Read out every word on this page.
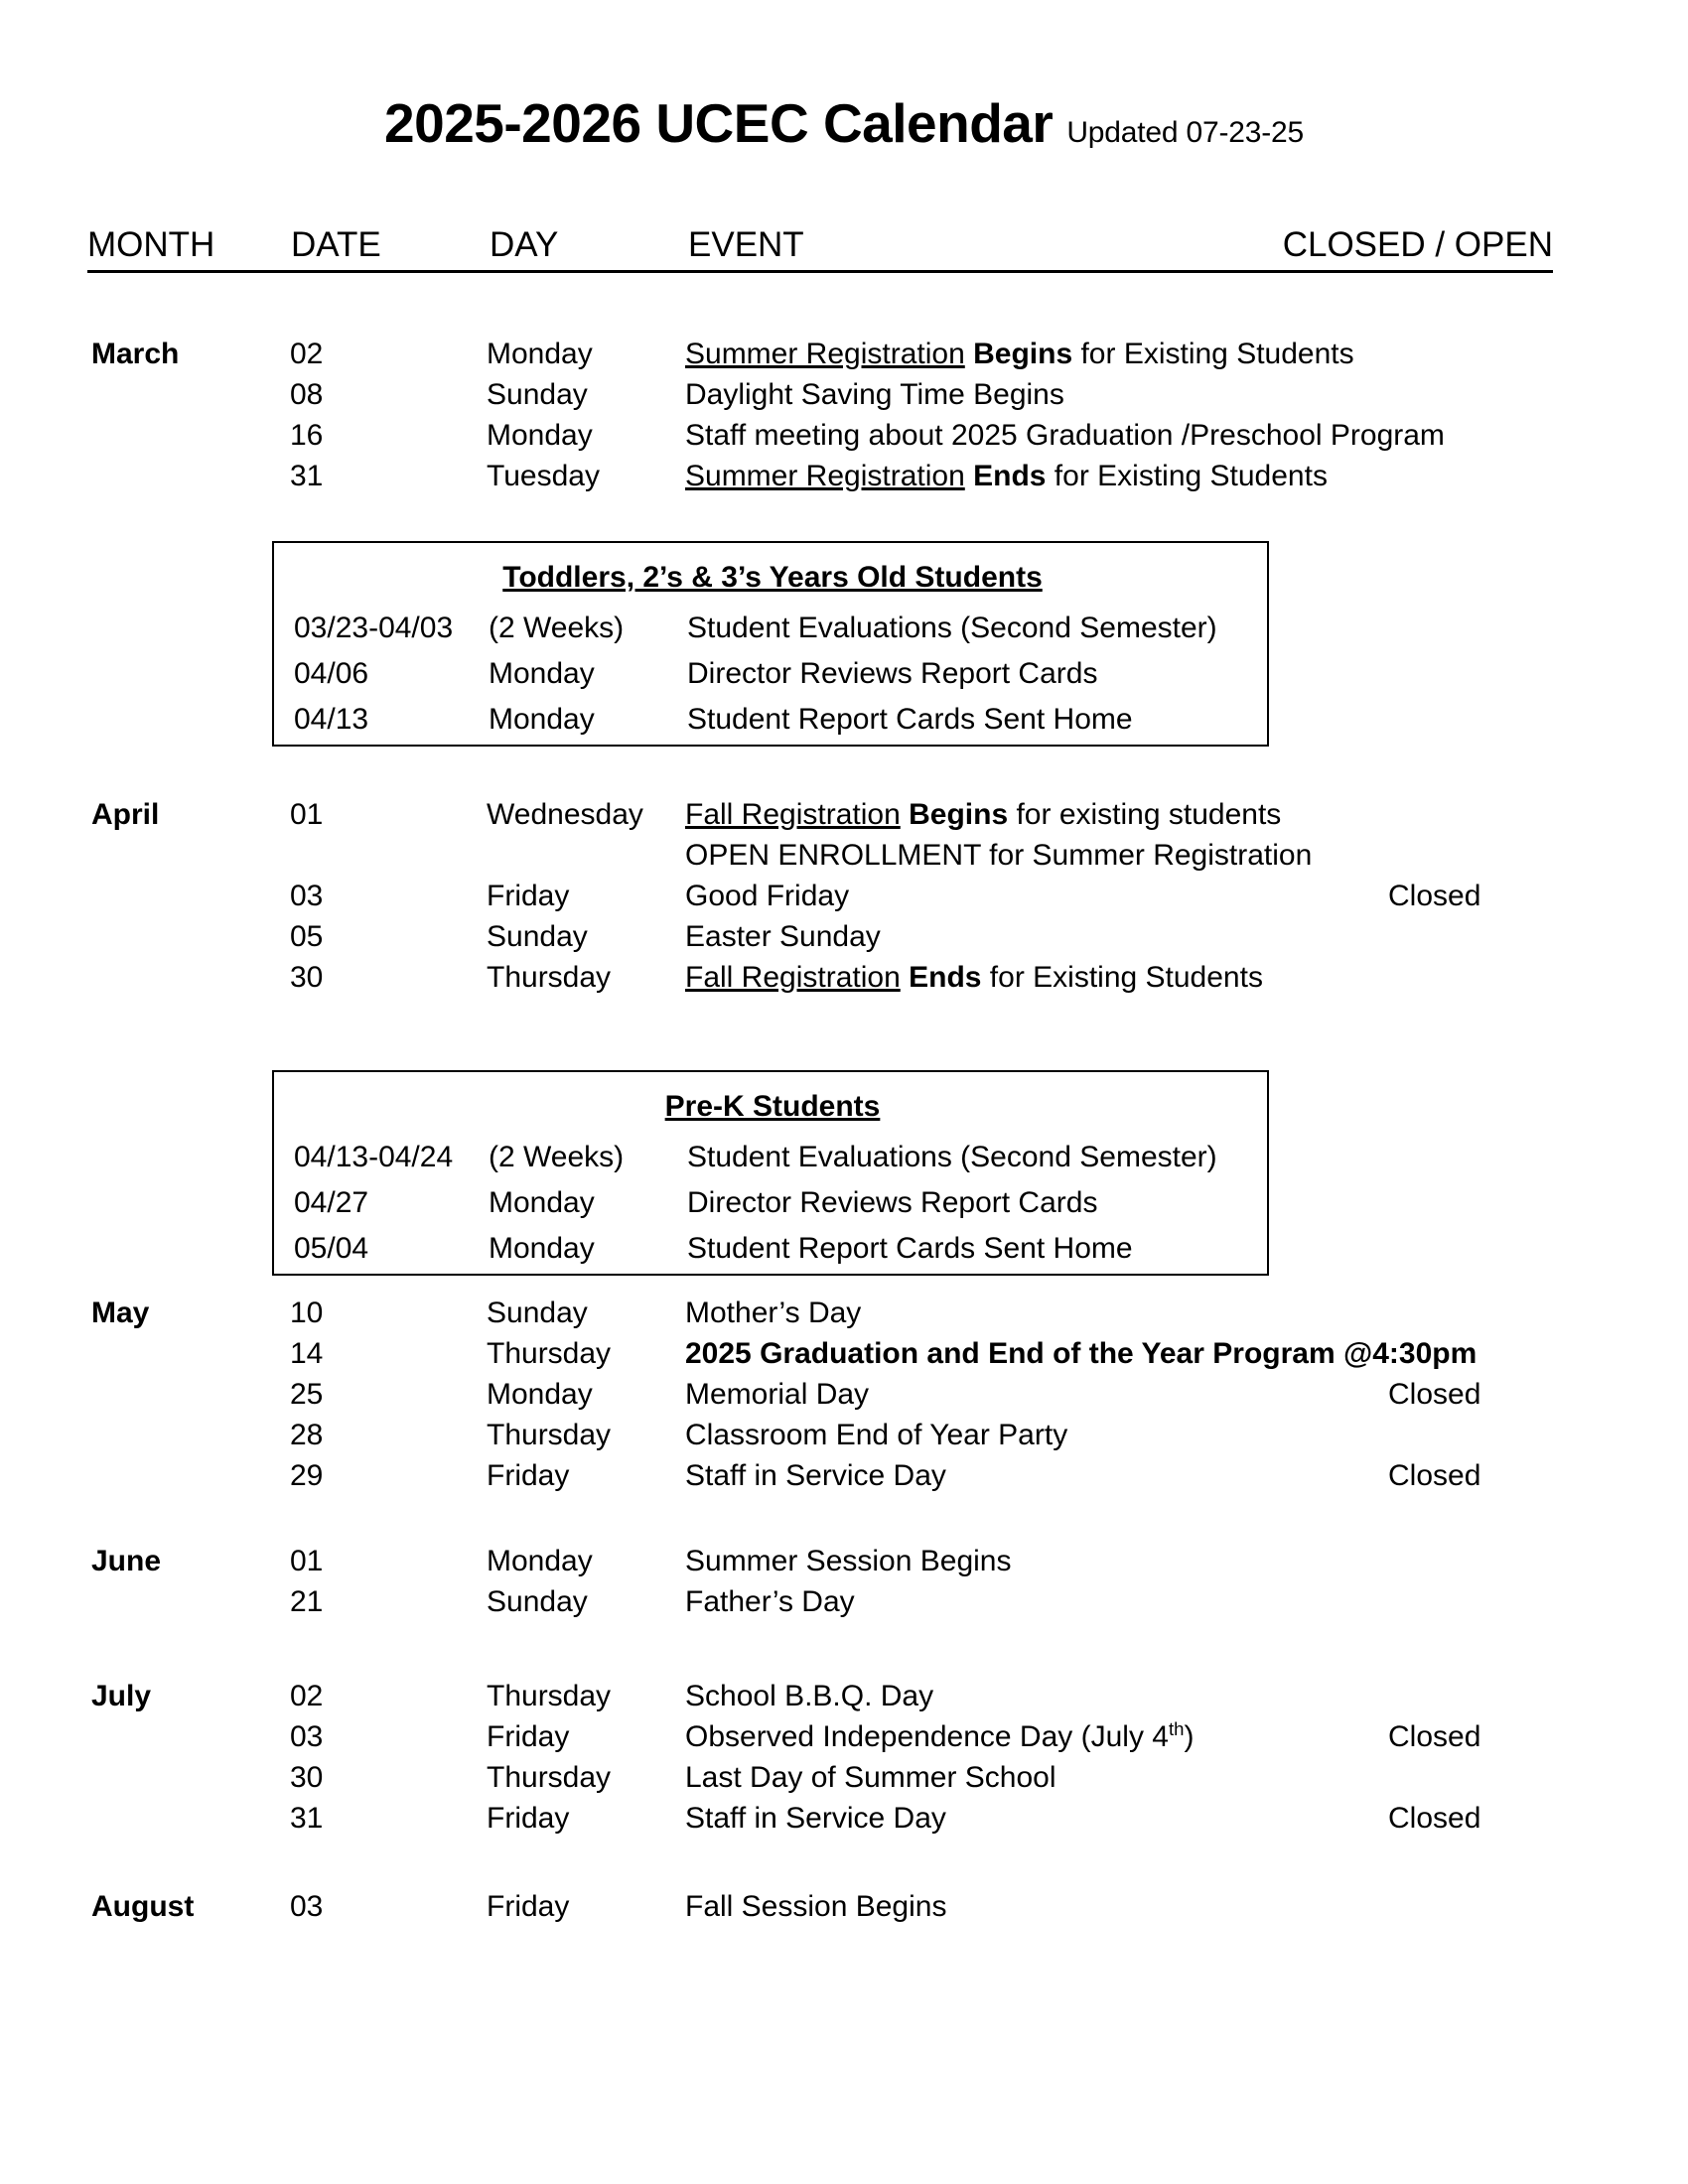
2025-2026 UCEC Calendar Updated 07-23-25
MONTH DATE	DAY	EVENT	CLOSED / OPEN
March	02	Monday	Summer Registration Begins for Existing Students
08	Sunday	Daylight Saving Time Begins
16	Monday	Staff meeting about 2025 Graduation /Preschool Program
31	Tuesday	Summer Registration Ends for Existing Students
April	01	Wednesday Fall Registration Begins for existing students
OPEN ENROLLMENT for Summer Registration
03	Friday	Good Friday	Closed
05	Sunday	Easter Sunday
30	Thursday Fall Registration Ends for Existing Students
May	10	Sunday	Mother’s Day
14	Thursday 2025 Graduation and End of the Year Program @4:30pm
25	Monday	Memorial Day	Closed
28	Thursday Classroom End of Year Party
29	Friday	Staff in Service Day	Closed
June	01	Monday	Summer Session Begins
21	Sunday	Father’s Day
July	02	Thursday School B.B.Q. Day
03	Friday	Observed Independence Day (July 4th)	Closed
30	Thursday Last Day of Summer School
31	Friday	Staff in Service Day	Closed
August	03	Friday	Fall Session Begins
Toddlers, 2’s & 3’s Years Old Students
03/23-04/03 (2 Weeks) Student Evaluations (Second Semester)
04/06	Monday	Director Reviews Report Cards
04/13	Monday	Student Report Cards Sent Home
Pre-K Students
04/13-04/24 (2 Weeks) Student Evaluations (Second Semester)
04/27	Monday	Director Reviews Report Cards
05/04	Monday	Student Report Cards Sent Home
